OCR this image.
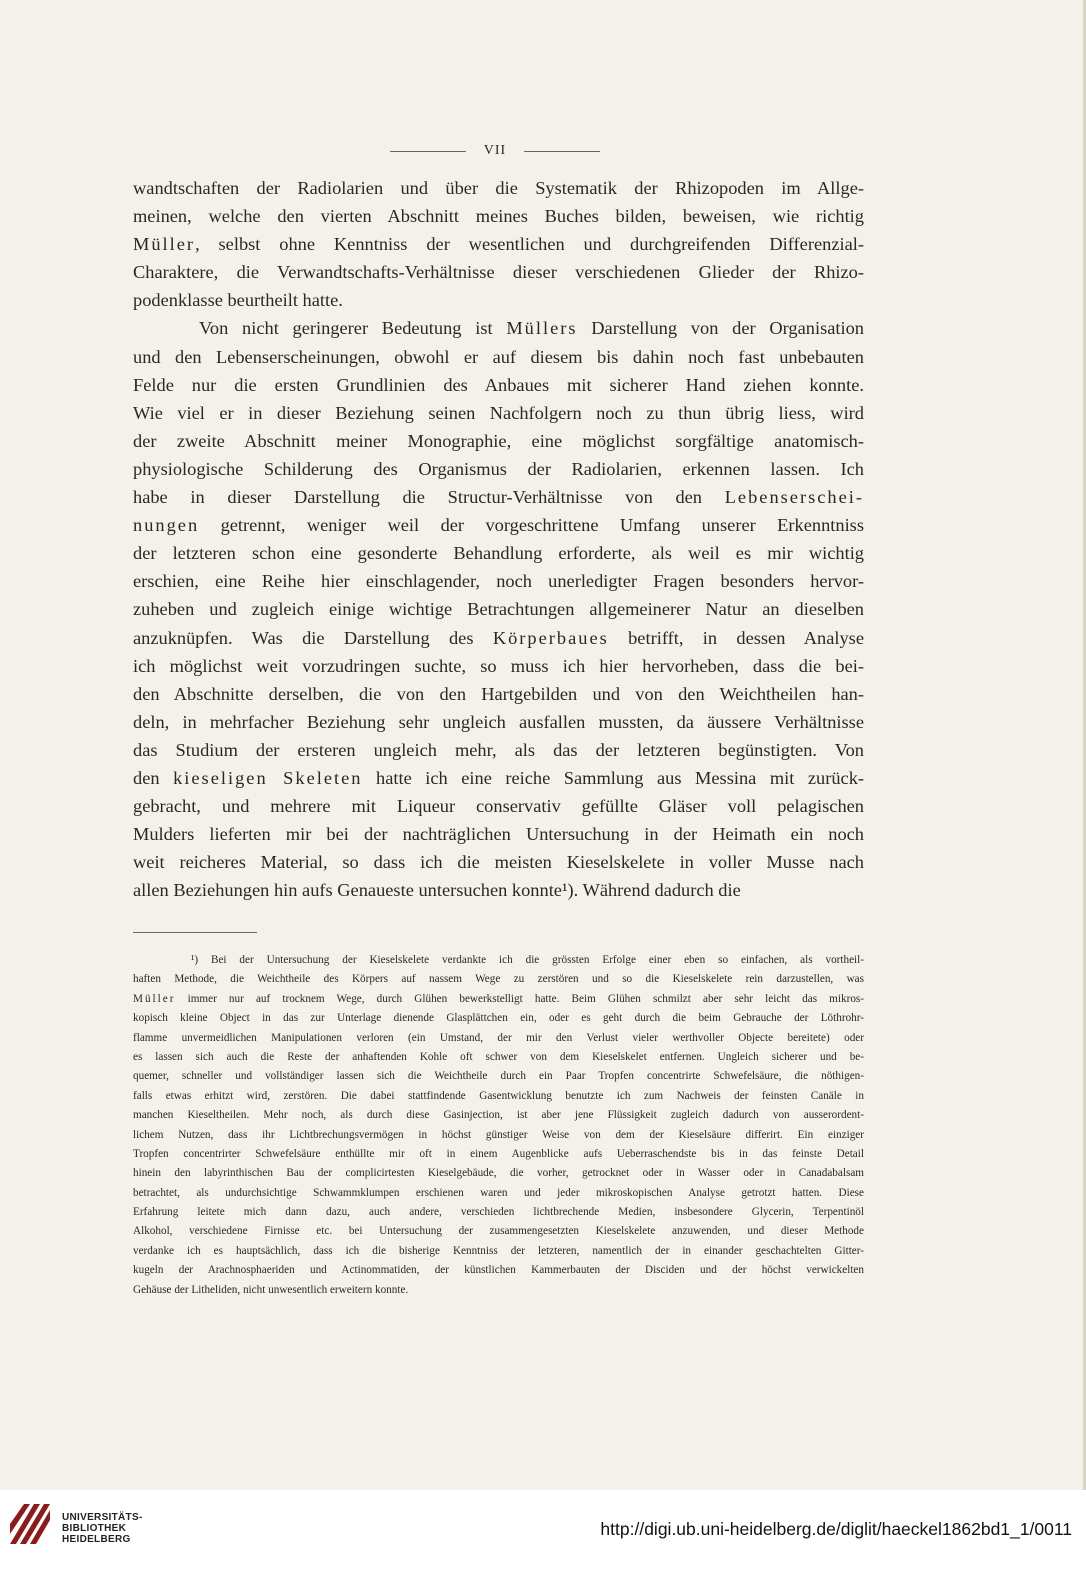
VII
wandtschaften der Radiolarien und über die Systematik der Rhizopoden im Allge-
meinen, welche den vierten Abschnitt meines Buches bilden, beweisen, wie richtig
Müller, selbst ohne Kenntniss der wesentlichen und durchgreifenden Differenzial-
Charaktere, die Verwandtschafts-Verhältnisse dieser verschiedenen Glieder der Rhizo-
podenklasse beurtheilt hatte.
Von nicht geringerer Bedeutung ist Müllers Darstellung von der Organisation
und den Lebenserscheinungen, obwohl er auf diesem bis dahin noch fast unbebauten
Felde nur die ersten Grundlinien des Anbaues mit sicherer Hand ziehen konnte.
Wie viel er in dieser Beziehung seinen Nachfolgern noch zu thun übrig liess, wird
der zweite Abschnitt meiner Monographie, eine möglichst sorgfältige anatomisch-
physiologische Schilderung des Organismus der Radiolarien, erkennen lassen. Ich
habe in dieser Darstellung die Structur-Verhältnisse von den Lebenserschei-
nungen getrennt, weniger weil der vorgeschrittene Umfang unserer Erkenntniss
der letzteren schon eine gesonderte Behandlung erforderte, als weil es mir wichtig
erschien, eine Reihe hier einschlagender, noch unerledigter Fragen besonders hervor-
zuheben und zugleich einige wichtige Betrachtungen allgemeinerer Natur an dieselben
anzuknüpfen. Was die Darstellung des Körperbaues betrifft, in dessen Analyse
ich möglichst weit vorzudringen suchte, so muss ich hier hervorheben, dass die bei-
den Abschnitte derselben, die von den Hartgebilden und von den Weichtheilen han-
deln, in mehrfacher Beziehung sehr ungleich ausfallen mussten, da äussere Verhältnisse
das Studium der ersteren ungleich mehr, als das der letzteren begünstigten. Von
den kieseligen Skeleten hatte ich eine reiche Sammlung aus Messina mit zurück-
gebracht, und mehrere mit Liqueur conservativ gefüllte Gläser voll pelagischen
Mulders lieferten mir bei der nachträglichen Untersuchung in der Heimath ein noch
weit reicheres Material, so dass ich die meisten Kieselskelete in voller Musse nach
allen Beziehungen hin aufs Genaueste untersuchen konnte¹). Während dadurch die
¹) Bei der Untersuchung der Kieselskelete verdankte ich die grössten Erfolge einer eben so einfachen, als vortheil-
haften Methode, die Weichtheile des Körpers auf nassem Wege zu zerstören und so die Kieselskelete rein darzustellen, was
Müller immer nur auf trocknem Wege, durch Glühen bewerkstelligt hatte. Beim Glühen schmilzt aber sehr leicht das mikros-
kopisch kleine Object in das zur Unterlage dienende Glasplättchen ein, oder es geht durch die beim Gebrauche der Löthrohr-
flamme unvermeidlichen Manipulationen verloren (ein Umstand, der mir den Verlust vieler werthvoller Objecte bereitete) oder
es lassen sich auch die Reste der anhaftenden Kohle oft schwer von dem Kieselskelet entfernen. Ungleich sicherer und be-
quemer, schneller und vollständiger lassen sich die Weichtheile durch ein Paar Tropfen concentrirte Schwefelsäure, die nöthigen-
falls etwas erhitzt wird, zerstören. Die dabei stattfindende Gasentwicklung benutzte ich zum Nachweis der feinsten Canäle in
manchen Kieseltheilen. Mehr noch, als durch diese Gasinjection, ist aber jene Flüssigkeit zugleich dadurch von ausserordent-
lichem Nutzen, dass ihr Lichtbrechungsvermögen in höchst günstiger Weise von dem der Kieselsäure differirt. Ein einziger
Tropfen concentrirter Schwefelsäure enthüllte mir oft in einem Augenblicke aufs Ueberraschendste bis in das feinste Detail
hinein den labyrinthischen Bau der complicirtesten Kieselgebäude, die vorher, getrocknet oder in Wasser oder in Canadabalsam
betrachtet, als undurchsichtige Schwammklumpen erschienen waren und jeder mikroskopischen Analyse getrotzt hatten. Diese
Erfahrung leitete mich dann dazu, auch andere, verschieden lichtbrechende Medien, insbesondere Glycerin, Terpentinöl
Alkohol, verschiedene Firnisse etc. bei Untersuchung der zusammengesetzten Kieselskelete anzuwenden, und dieser Methode
verdanke ich es hauptsächlich, dass ich die bisherige Kenntniss der letzteren, namentlich der in einander geschachtelten Gitter-
kugeln der Arachnosphaeriden und Actinommatiden, der künstlichen Kammerbauten der Disciden und der höchst verwickelten
Gehäuse der Litheliden, nicht unwesentlich erweitern konnte.
UNIVERSITÄTS-
BIBLIOTHEK
HEIDELBERG
http://digi.ub.uni-heidelberg.de/diglit/haeckel1862bd1_1/0011
